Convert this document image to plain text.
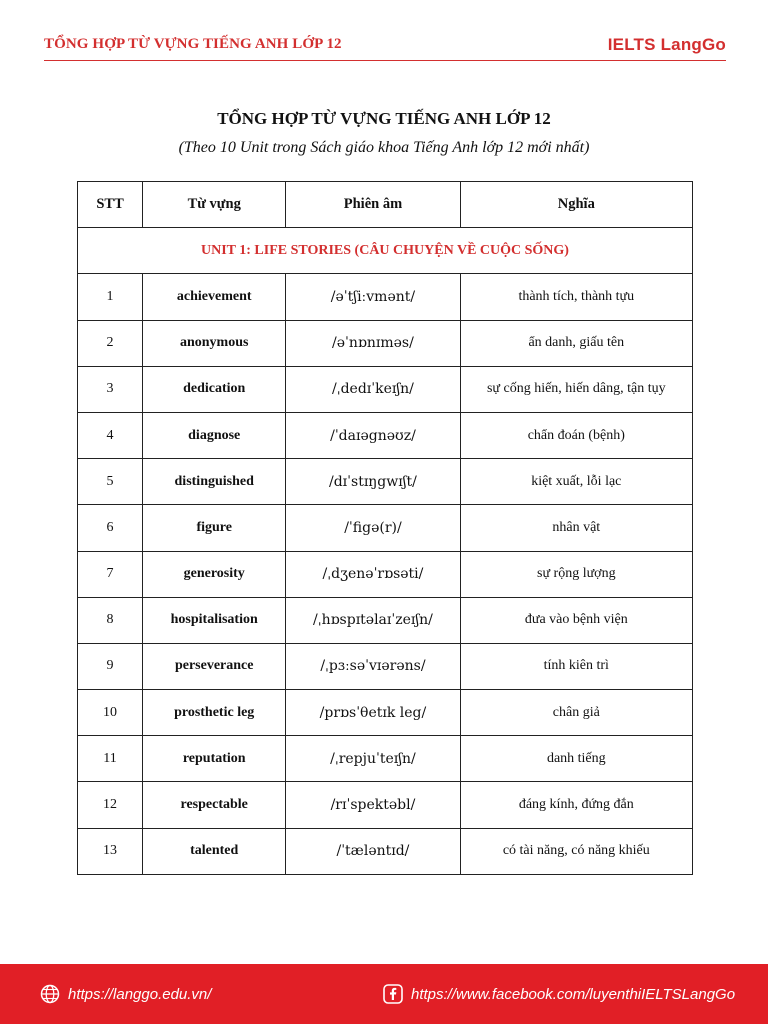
TỔNG HỢP TỪ VỰNG TIẾNG ANH LỚP 12	IELTS LangGo
TỔNG HỢP TỪ VỰNG TIẾNG ANH LỚP 12
(Theo 10 Unit trong Sách giáo khoa Tiếng Anh lớp 12 mới nhất)
STT	Từ vựng	Phiên âm	Nghĩa
UNIT 1: LIFE STORIES (CÂU CHUYỆN VỀ CUỘC SỐNG)			
1	achievement	/əˈtʃiːvmənt/	thành tích, thành tựu
2	anonymous	/əˈnɒnɪməs/	ẩn danh, giấu tên
3	dedication	/ˌdedɪˈkeɪʃn/	sự cống hiến, hiến dâng, tận tụy
4	diagnose	/ˈdaɪəgnəʊz/	chẩn đoán (bệnh)
5	distinguished	/dɪˈstɪŋgwɪʃt/	kiệt xuất, lỗi lạc
6	figure	/ˈfigə(r)/	nhân vật
7	generosity	/ˌdʒenəˈrɒsəti/	sự rộng lượng
8	hospitalisation	/ˌhɒspɪtəlaɪˈzeɪʃn/	đưa vào bệnh viện
9	perseverance	/ˌpɜːsəˈvɪərəns/	tính kiên trì
10	prosthetic leg	/prɒsˈθetɪk leg/	chân giả
11	reputation	/ˌrepjuˈteɪʃn/	danh tiếng
12	respectable	/rɪˈspektəbl/	đáng kính, đứng đắn
13	talented	/ˈtæləntɪd/	có tài năng, có năng khiếu
https://langgo.edu.vn/	https://www.facebook.com/luyenthiIELTSLangGo
